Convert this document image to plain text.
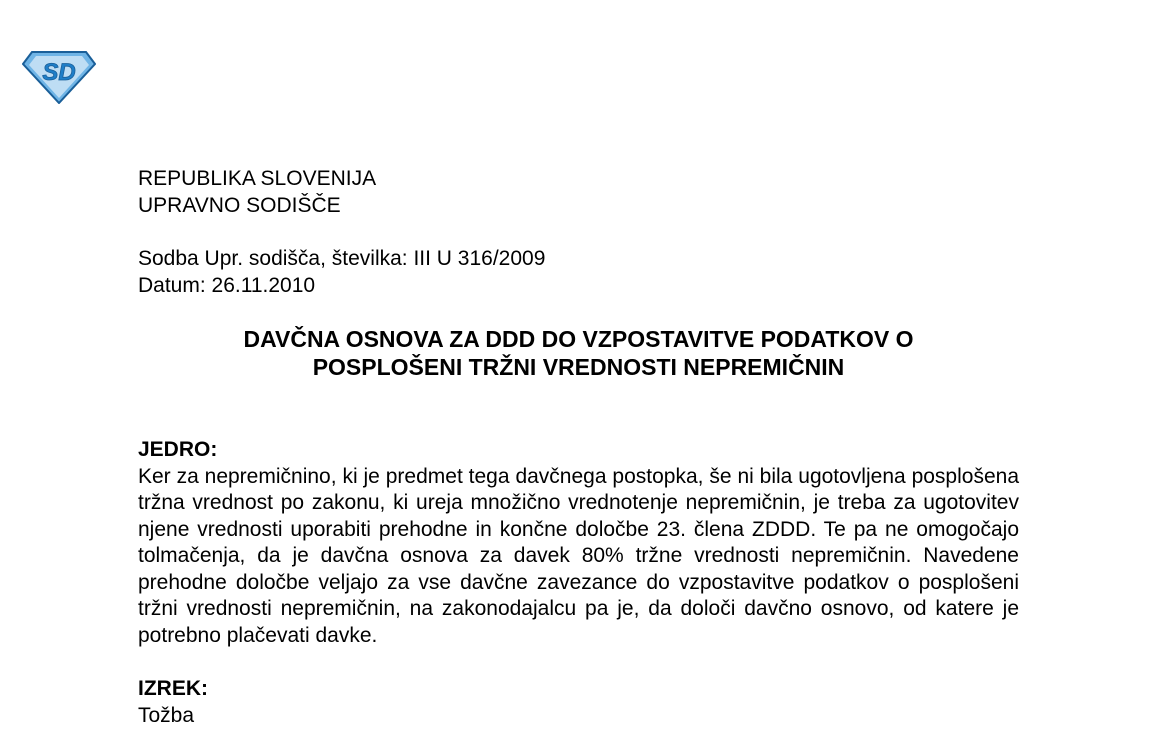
SD
REPUBLIKA SLOVENIJA
UPRAVNO SODIŠČE
Sodba Upr. sodišča, številka: III U 316/2009
Datum: 26.11.2010
DAVČNA OSNOVA ZA DDD DO VZPOSTAVITVE PODATKOV O
POSPLOŠENI TRŽNI VREDNOSTI NEPREMIČNIN
JEDRO:

Ker za nepremičnino, ki je predmet tega davčnega postopka, še ni bila ugotovljena posplošena tržna vrednost po zakonu, ki ureja množično vrednotenje nepremičnin, je treba za ugotovitev njene vrednosti uporabiti prehodne in končne določbe 23. člena ZDDD. Te pa ne omogočajo tolmačenja, da je davčna osnova za davek 80% tržne vrednosti nepremičnin. Navedene prehodne določbe veljajo za vse davčne zavezance do vzpostavitve podatkov o posplošeni tržni vrednosti nepremičnin, na zakonodajalcu pa je, da določi davčno osnovo, od katere je potrebno plačevati davke.

IZREK:
Tožba
